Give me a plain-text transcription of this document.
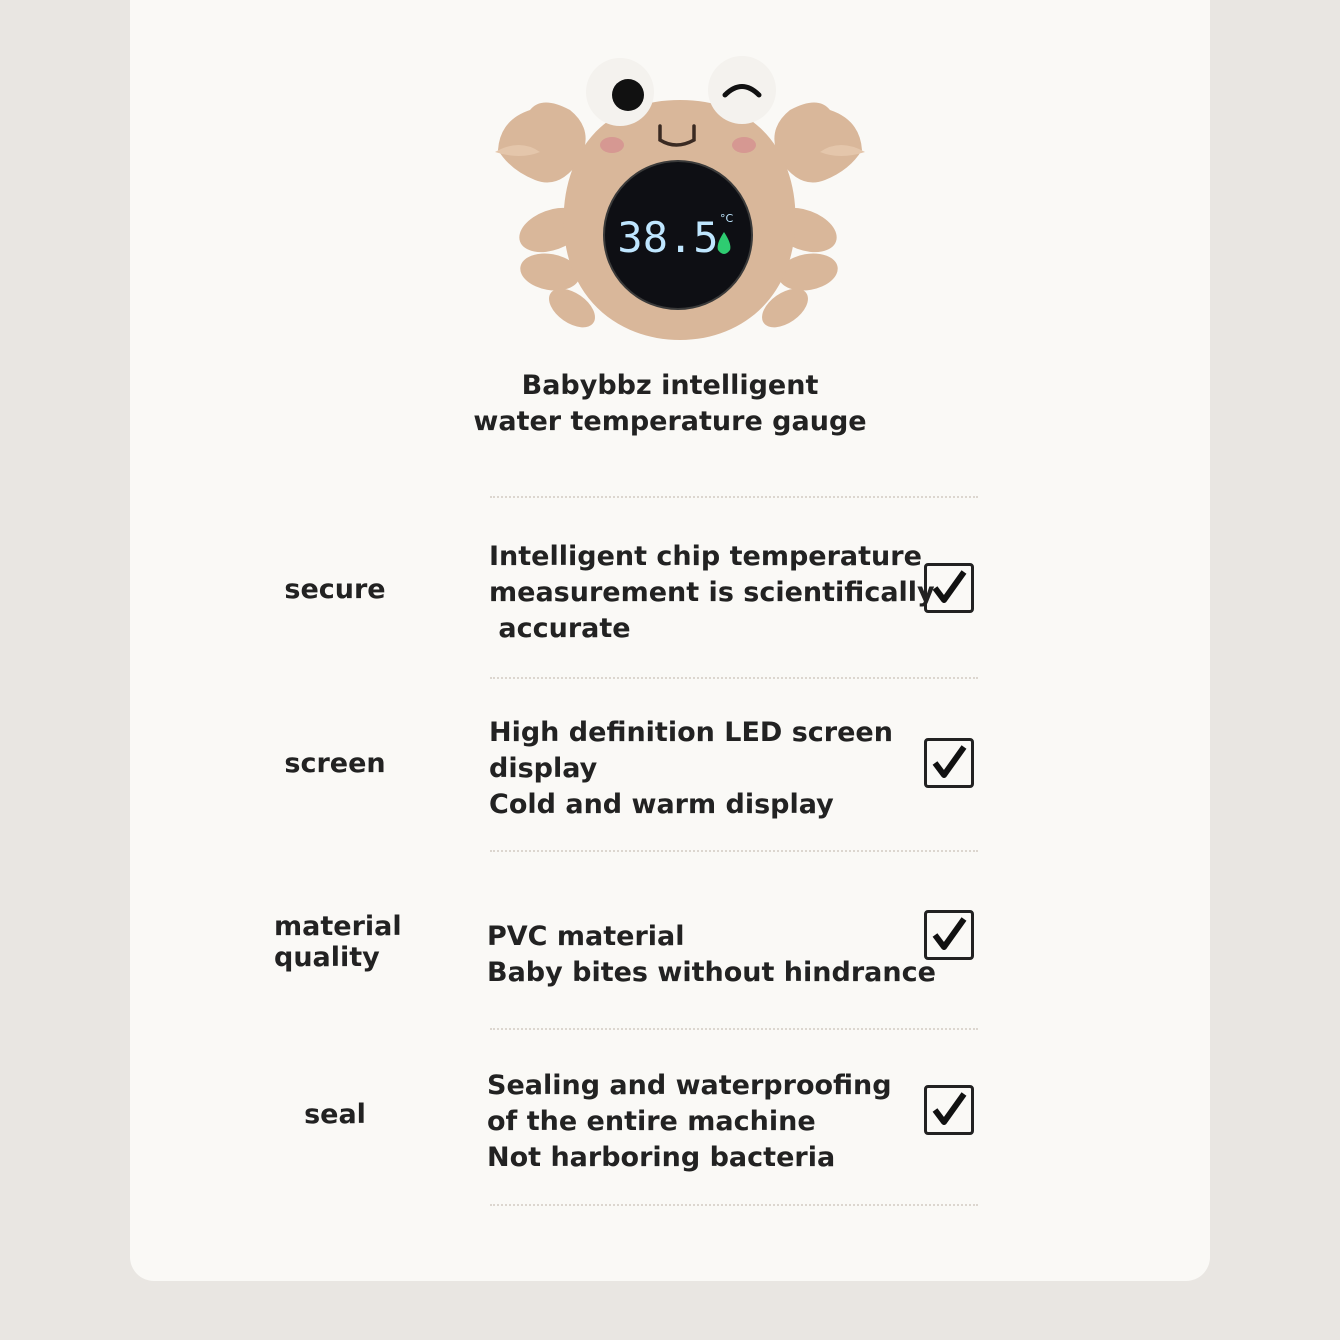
38.5 °C
Babybbz intelligent
water temperature gauge
secure
Intelligent chip temperature
measurement is scientifically
accurate
screen
High definition LED screen
display
Cold and warm display
material
quality
PVC material
Baby bites without hindrance
seal
Sealing and waterproofing
of the entire machine
Not harboring bacteria
